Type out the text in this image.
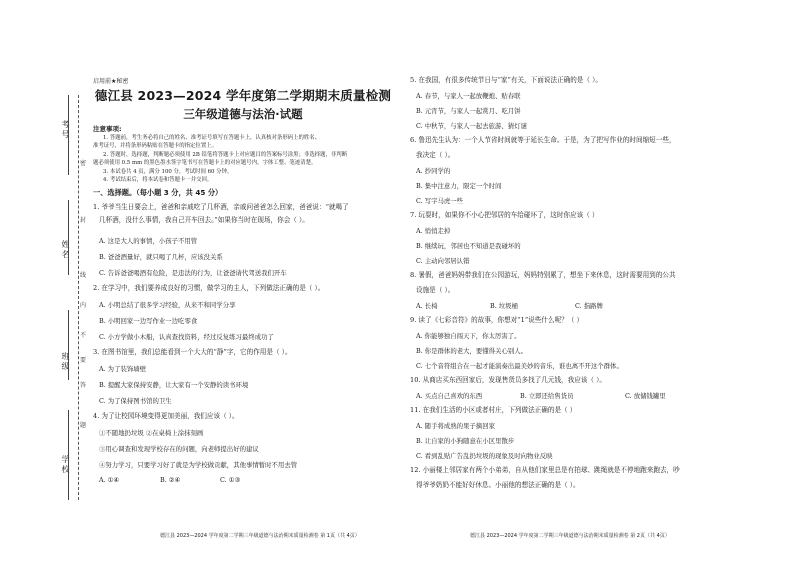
考号
姓名
班级
学校
密
封
线
内
不
要
答
题
启用前★秘密
德江县 2023—2024 学年度第二学期期末质量检测
三年级道德与法治·试题
注意事项:

1. 答题前，考生务必将自己的姓名、准考证号填写在答题卡上，认真核对条形码上的姓名、

准考证号，并将条形码粘贴在答题卡的指定位置上。

2. 答题时，选择题，判断题必须使用 2B 铅笔将答题卡上对应题目的答案标号涂黑；非选择题，非判断

题必须使用 0.5 mm 的黑色墨水签字笔书写在答题卡上的对应题号内，字体工整、笔迹清楚。

3. 本试卷共 4 页，满分 100 分，考试时间 60 分钟。

4. 考试结束后，将本试卷和答题卡一并交回。

一、选择题。（每小题 3 分，共 45 分）
1. 爷爷当生日要会上，爸爸和亲戚吃了几杯酒，亲戚问爸爸怎么回家，爸爸说：“就喝了
几杯酒，没什么事情，我自己开车回去。”如果你当时在现场，你会（ ）。
A. 这是大人的事情，小孩子不用管
B. 爸爸酒量好，就只喝了几杯，应该没关系
C. 告诉爸爸喝酒有危险，是违法的行为，让爸爸请代驾送我们开车
2. 在学习中，我们要养成良好的习惯，做学习的主人，下列做法正确的是（ ）。
A. 小明总结了很多学习经验，从来不和同学分享
B. 小明回家一边写作业一边吃零食
C. 小方学做小木船，认真查找资料，经过反复练习最终成功了
3. 在图书馆里，我们总能看到一个大大的“静”字，它的作用是（ ）。
A. 为了装饰墙壁
B. 提醒大家保持安静，让大家有一个安静的读书环境
C. 为了保持图书馆的卫生
4. 为了让校园环境变得更加美丽，我们应该（ ）。
①不随地扔垃圾 ②在桌椅上涂抹刻画
③用心调查和发现学校存在的问题，向老师提出好的建议
④努力学习，只要学习好了就是为学校做贡献，其他事情暂时不用去管
A. ①④	B. ②④	C. ①③
5. 在我国，有很多传统节日与“家”有关，下面说法正确的是（ ）。
A. 春节，与家人一起放鞭炮、贴春联
B. 元宵节，与家人一起赏月、吃月饼
C. 中秋节，与家人一起去旅游、猜灯谜
6. 鲁迅先生认为：一个人节省时间就等于延长生命。于是，为了把写作业的时间缩短一些，
我决定（ ）。
A. 抄同学的
B. 集中注意力，限定一个时间
C. 写字马虎一些
7. 玩耍时，如果你不小心把邻居的车给碰坏了，这时你应该（ ）
A. 悄悄走掉
B. 继续玩，邻居也不知道是我碰坏的
C. 主动向邻居认错
8. 暑假，爸爸妈妈带我们在公园游玩，妈妈特别累了，想坐下来休息，这时需要用到的公共
设施是（ ）。
A. 长椅	B. 垃圾桶	C. 指路牌
9. 读了《七彩音符》的故事，你想对“1”说些什么呢？（ ）
A. 你能够独自闯天下，你太厉害了。
B. 你是群体的老大，要懂得关心别人。
C. 七个音符组合在一起才能演奏出最美妙的音乐，谁也离不开这个群体。
10. 从商店买东西回家后，发现售货员多找了几元钱，我应该（ ）。
A. 买点自己喜欢的东西	B. 立即还给售货员	C. 放储钱罐里
11. 在我们生活的小区或者村庄，下列做法正确的是（ ）
A. 随手将成熟的果子摘回家
B. 让自家的小狗随意在小区里散步
C. 看到乱贴广告乱扔垃圾的现象及时向物业反映
12. 小丽楼上邻居家有两个小弟弟，自从他们家里总是有拍球、跳绳就是不停地跑来跑去，吵
得爷爷奶奶不能好好休息。小丽他的想法正确的是（ ）。
德江县 2023—2024 学年度第二学期三年级道德与法治期末质量检测卷 第 1页（共 4页）	德江县 2023—2024 学年度第二学期三年级道德与法治期末质量检测卷 第 2页（共 4页）
